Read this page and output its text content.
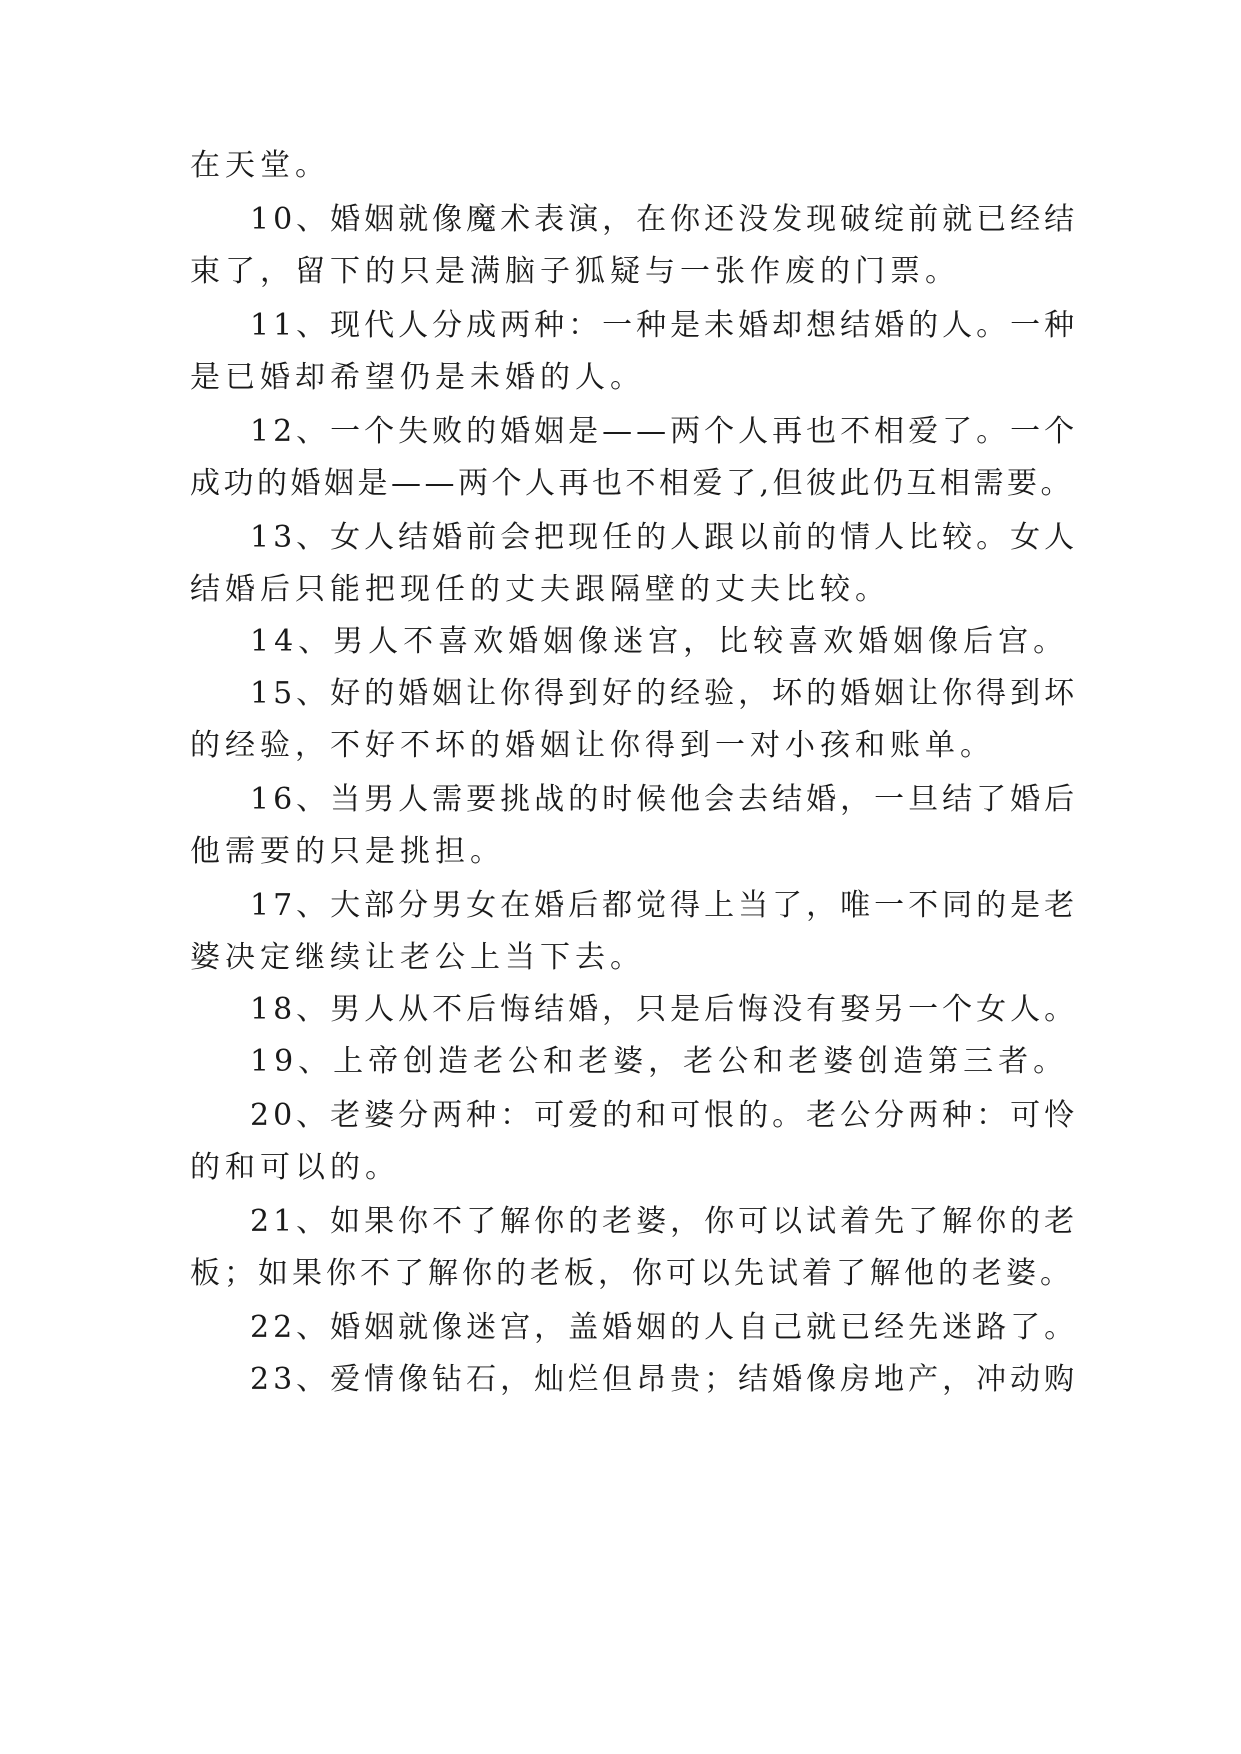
在天堂。
10、婚姻就像魔术表演，在你还没发现破绽前就已经结
束了，留下的只是满脑子狐疑与一张作废的门票。
11、现代人分成两种：一种是未婚却想结婚的人。一种
是已婚却希望仍是未婚的人。
12、一个失败的婚姻是——两个人再也不相爱了。一个
成功的婚姻是——两个人再也不相爱了,但彼此仍互相需要。
13、女人结婚前会把现任的人跟以前的情人比较。女人
结婚后只能把现任的丈夫跟隔壁的丈夫比较。
14、男人不喜欢婚姻像迷宫，比较喜欢婚姻像后宫。
15、好的婚姻让你得到好的经验，坏的婚姻让你得到坏
的经验，不好不坏的婚姻让你得到一对小孩和账单。
16、当男人需要挑战的时候他会去结婚，一旦结了婚后
他需要的只是挑担。
17、大部分男女在婚后都觉得上当了，唯一不同的是老
婆决定继续让老公上当下去。
18、男人从不后悔结婚，只是后悔没有娶另一个女人。
19、上帝创造老公和老婆，老公和老婆创造第三者。
20、老婆分两种：可爱的和可恨的。老公分两种：可怜
的和可以的。
21、如果你不了解你的老婆，你可以试着先了解你的老
板；如果你不了解你的老板，你可以先试着了解他的老婆。
22、婚姻就像迷宫，盖婚姻的人自己就已经先迷路了。
23、爱情像钻石，灿烂但昂贵；结婚像房地产，冲动购
